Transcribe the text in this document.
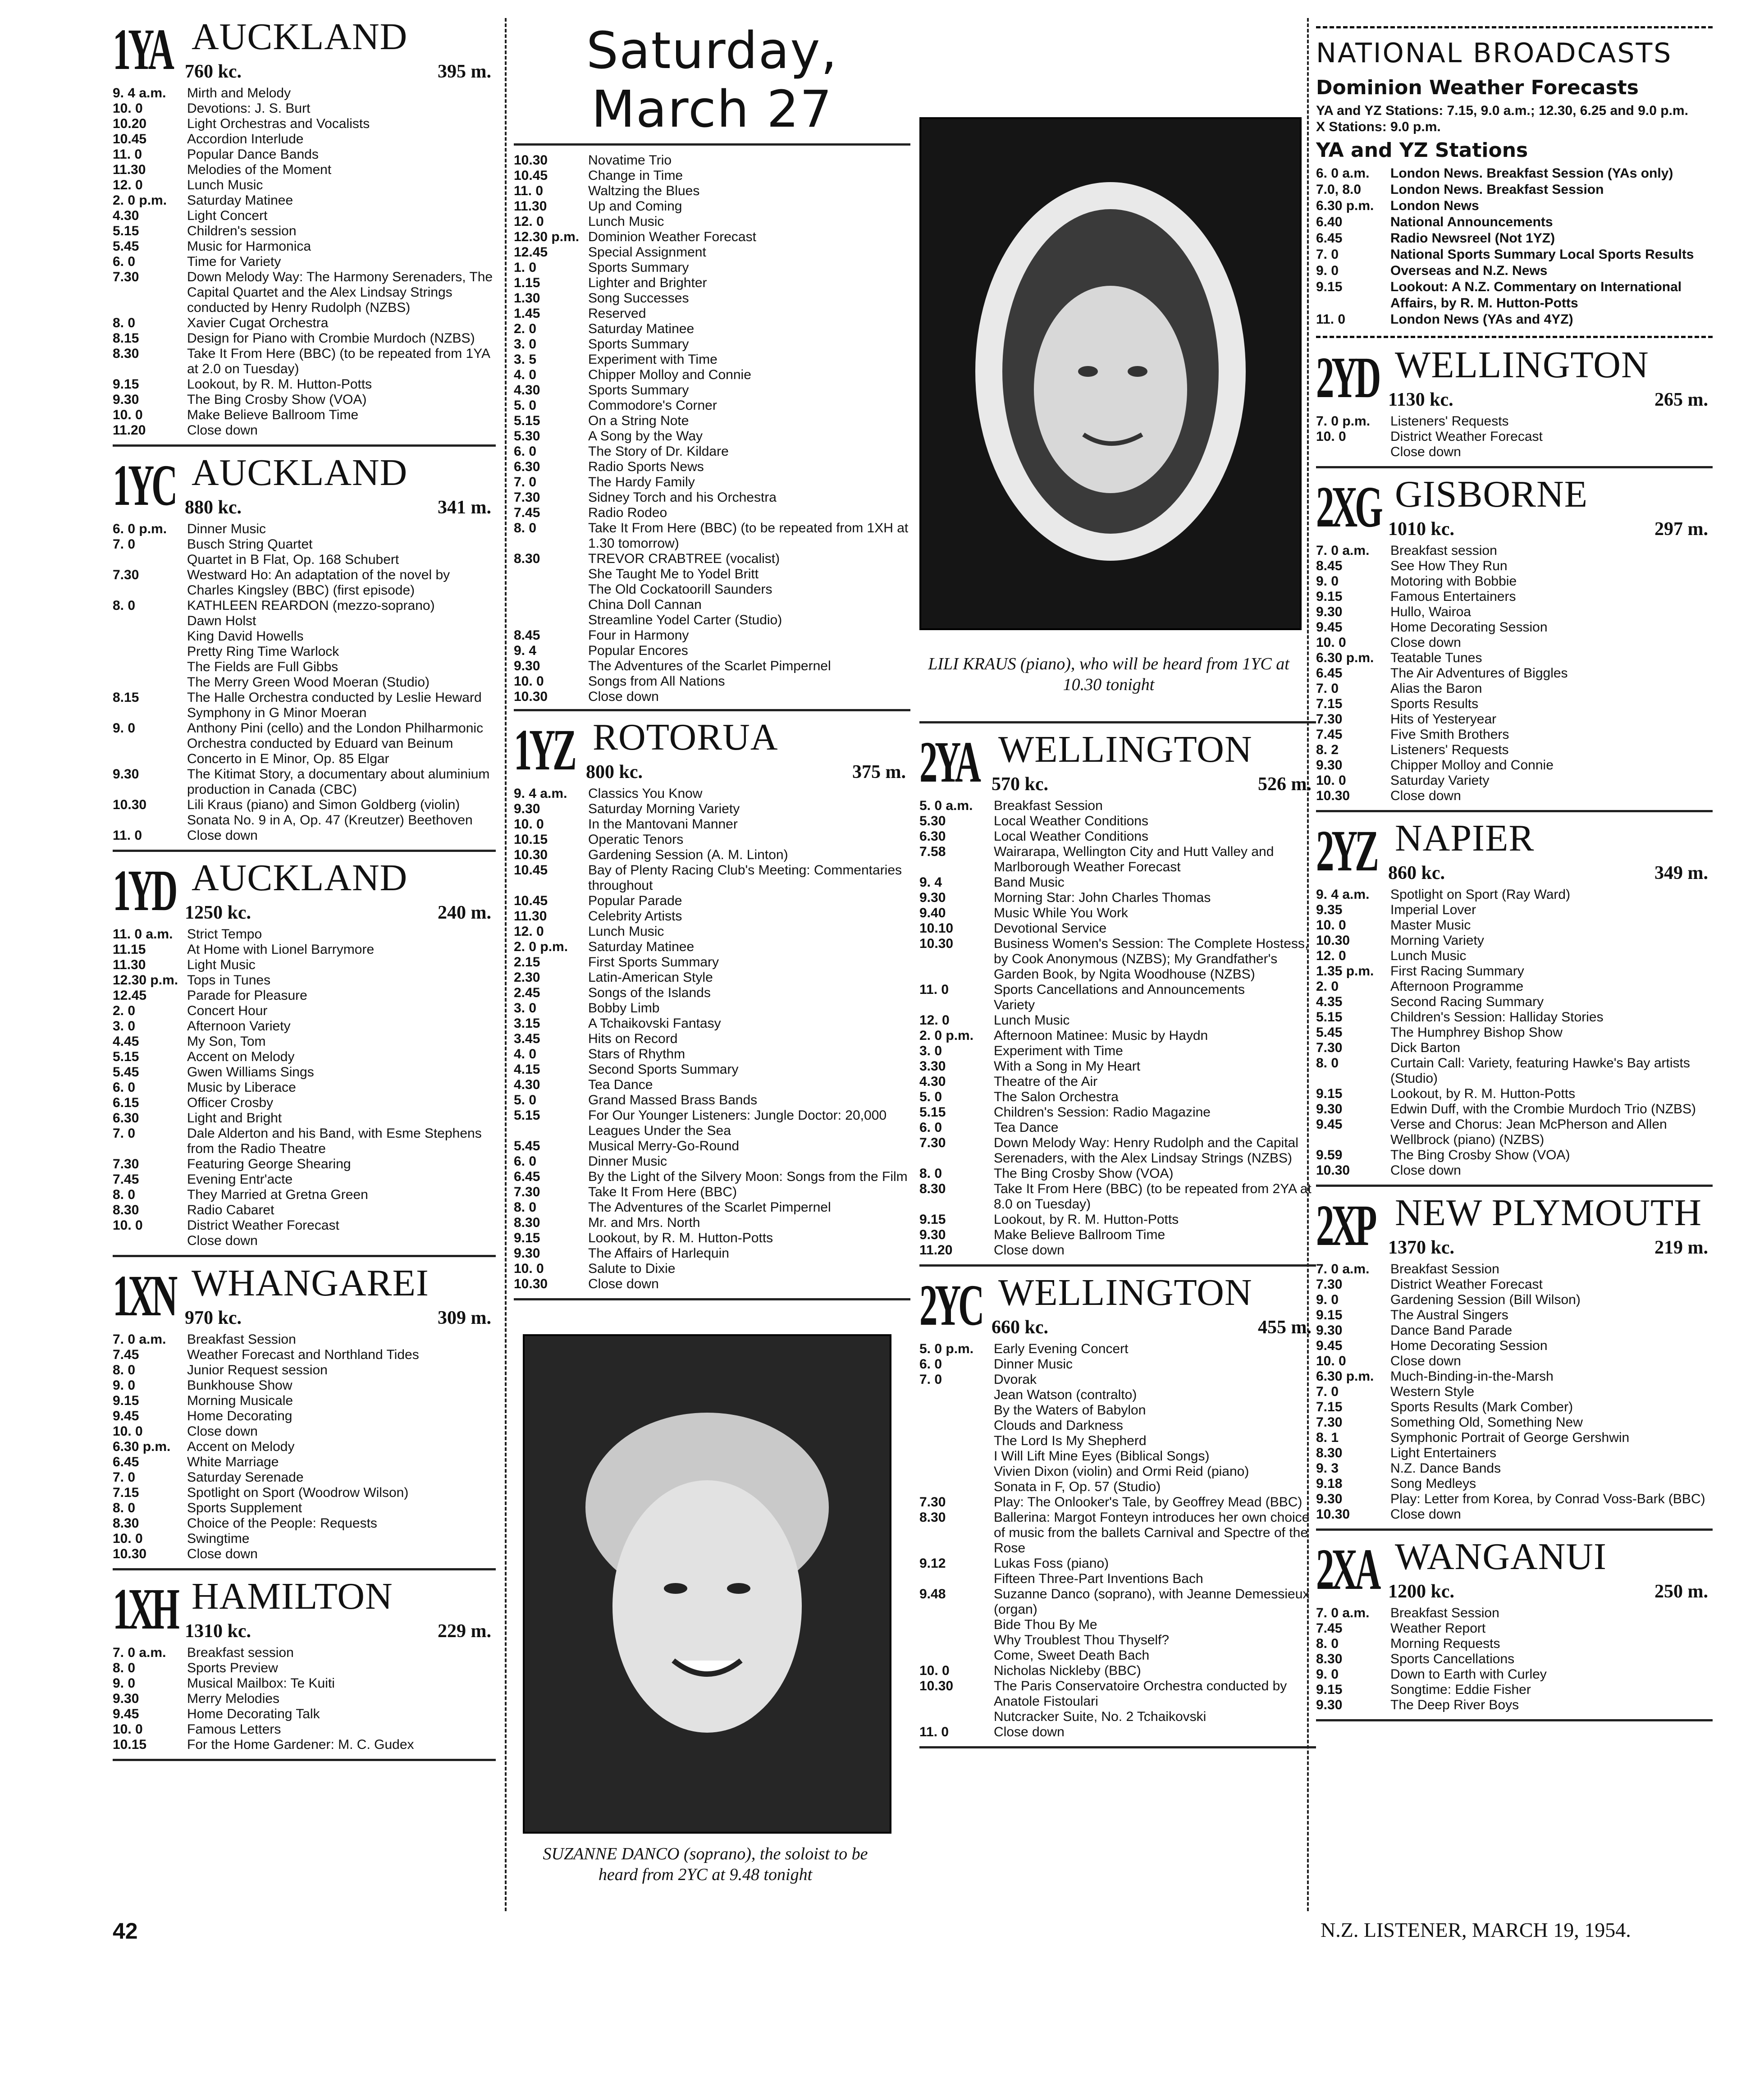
1YA AUCKLAND
760 kc.	395 m.
9. 4 a.m.	Mirth and Melody
10. 0	Devotions: J. S. Burt
10.20	Light Orchestras and Vocalists
10.45	Accordion Interlude
11. 0	Popular Dance Bands
11.30	Melodies of the Moment
12. 0	Lunch Music
2. 0 p.m.	Saturday Matinee
4.30	Light Concert
5.15	Children's session
5.45	Music for Harmonica
6. 0	Time for Variety
7.30	Down Melody Way: The Harmony Serenaders, The Capital Quartet and the Alex Lindsay Strings conducted by Henry Rudolph (NZBS)
8. 0	Xavier Cugat Orchestra
8.15	Design for Piano with Crombie Murdoch (NZBS)
8.30	Take It From Here (BBC) (to be repeated from 1YA at 2.0 on Tuesday)
9.15	Lookout, by R. M. Hutton-Potts
9.30	The Bing Crosby Show (VOA)
10. 0	Make Believe Ballroom Time
11.20	Close down
1YC AUCKLAND
880 kc.	341 m.
6. 0 p.m.	Dinner Music
7. 0	Busch String Quartet
Quartet in B Flat, Op. 168 Schubert
7.30	Westward Ho: An adaptation of the novel by Charles Kingsley (BBC) (first episode)
8. 0	KATHLEEN REARDON (mezzo-soprano)
Dawn Holst
King David Howells
Pretty Ring Time Warlock
The Fields are Full Gibbs
The Merry Green Wood Moeran (Studio)
8.15	The Halle Orchestra conducted by Leslie Heward
Symphony in G Minor Moeran
9. 0	Anthony Pini (cello) and the London Philharmonic Orchestra conducted by Eduard van Beinum
Concerto in E Minor, Op. 85 Elgar
9.30	The Kitimat Story, a documentary about aluminium production in Canada (CBC)
10.30	Lili Kraus (piano) and Simon Goldberg (violin)
Sonata No. 9 in A, Op. 47 (Kreutzer) Beethoven
11. 0	Close down
1YD AUCKLAND
1250 kc.	240 m.
11. 0 a.m.	Strict Tempo
11.15	At Home with Lionel Barrymore
11.30	Light Music
12.30 p.m. Tops in Tunes
12.45	Parade for Pleasure
2. 0	Concert Hour
3. 0	Afternoon Variety
4.45	My Son, Tom
5.15	Accent on Melody
5.45	Gwen Williams Sings
6. 0	Music by Liberace
6.15	Officer Crosby
6.30	Light and Bright
7. 0	Dale Alderton and his Band, with Esme Stephens from the Radio Theatre
7.30	Featuring George Shearing
7.45	Evening Entr'acte
8. 0	They Married at Gretna Green
8.30	Radio Cabaret
10. 0	District Weather Forecast
Close down
1XN WHANGAREI
970 kc.	309 m.
7. 0 a.m.	Breakfast Session
7.45	Weather Forecast and Northland Tides
8. 0	Junior Request session
9. 0	Bunkhouse Show
9.15	Morning Musicale
9.45	Home Decorating
10. 0	Close down
6.30 p.m.	Accent on Melody
6.45	White Marriage
7. 0	Saturday Serenade
7.15	Spotlight on Sport (Woodrow Wilson)
8. 0	Sports Supplement
8.30	Choice of the People: Requests
10. 0	Swingtime
10.30	Close down
1XH HAMILTON
1310 kc.	229 m.
7. 0 a.m.	Breakfast session
8. 0	Sports Preview
9. 0	Musical Mailbox: Te Kuiti
9.30	Merry Melodies
9.45	Home Decorating Talk
10. 0	Famous Letters
10.15	For the Home Gardener: M. C. Gudex
Saturday, March 27
10.30	Novatime Trio
10.45	Change in Time
11. 0	Waltzing the Blues
11.30	Up and Coming
12. 0	Lunch Music
12.30 p.m. Dominion Weather Forecast
12.45	Special Assignment
1. 0	Sports Summary
1.15	Lighter and Brighter
1.30	Song Successes
1.45	Reserved
2. 0	Saturday Matinee
3. 0	Sports Summary
3. 5	Experiment with Time
4. 0	Chipper Molloy and Connie
4.30	Sports Summary
5. 0	Commodore's Corner
5.15	On a String Note
5.30	A Song by the Way
6. 0	The Story of Dr. Kildare
6.30	Radio Sports News
7. 0	The Hardy Family
7.30	Sidney Torch and his Orchestra
7.45	Radio Rodeo
8. 0	Take It From Here (BBC) (to be repeated from 1XH at 1.30 tomorrow)
8.30	TREVOR CRABTREE (vocalist)
She Taught Me to Yodel Britt
The Old Cockatoorill Saunders
China Doll Cannan
Streamline Yodel Carter (Studio)
8.45	Four in Harmony
9. 4	Popular Encores
9.30	The Adventures of the Scarlet Pimpernel
10. 0	Songs from All Nations
10.30	Close down
1YZ ROTORUA
800 kc.	375 m.
9. 4 a.m.	Classics You Know
9.30	Saturday Morning Variety
10. 0	In the Mantovani Manner
10.15	Operatic Tenors
10.30	Gardening Session (A. M. Linton)
10.45	Bay of Plenty Racing Club's Meeting: Commentaries throughout
10.45	Popular Parade
11.30	Celebrity Artists
12. 0	Lunch Music
2. 0 p.m.	Saturday Matinee
2.15	First Sports Summary
2.30	Latin-American Style
2.45	Songs of the Islands
3. 0	Bobby Limb
3.15	A Tchaikovski Fantasy
3.45	Hits on Record
4. 0	Stars of Rhythm
4.15	Second Sports Summary
4.30	Tea Dance
5. 0	Grand Massed Brass Bands
5.15	For Our Younger Listeners: Jungle Doctor: 20,000 Leagues Under the Sea
5.45	Musical Merry-Go-Round
6. 0	Dinner Music
6.45	By the Light of the Silvery Moon: Songs from the Film
7.30	Take It From Here (BBC)
8. 0	The Adventures of the Scarlet Pimpernel
8.30	Mr. and Mrs. North
9.15	Lookout, by R. M. Hutton-Potts
9.30	The Affairs of Harlequin
10. 0	Salute to Dixie
10.30	Close down
2YA WELLINGTON
570 kc.	526 m.
5. 0 a.m.	Breakfast Session
5.30	Local Weather Conditions
6.30	Local Weather Conditions
7.58	Wairarapa, Wellington City and Hutt Valley and Marlborough Weather Forecast
9. 4	Band Music
9.30	Morning Star: John Charles Thomas
9.40	Music While You Work
10.10	Devotional Service
10.30	Business Women's Session: The Complete Hostess, by Cook Anonymous (NZBS); My Grandfather's Garden Book, by Ngita Woodhouse (NZBS)
11. 0	Sports Cancellations and Announcements
Variety
12. 0	Lunch Music
2. 0 p.m.	Afternoon Matinee: Music by Haydn
3. 0	Experiment with Time
3.30	With a Song in My Heart
4.30	Theatre of the Air
5. 0	The Salon Orchestra
5.15	Children's Session: Radio Magazine
6. 0	Tea Dance
7.30	Down Melody Way: Henry Rudolph and the Capital Serenaders, with the Alex Lindsay Strings (NZBS)
8. 0	The Bing Crosby Show (VOA)
8.30	Take It From Here (BBC) (to be repeated from 2YA at 8.0 on Tuesday)
9.15	Lookout, by R. M. Hutton-Potts
9.30	Make Believe Ballroom Time
11.20	Close down
2YC WELLINGTON
660 kc.	455 m.
5. 0 p.m.	Early Evening Concert
6. 0	Dinner Music
7. 0	Dvorak
Jean Watson (contralto)
By the Waters of Babylon
Clouds and Darkness
The Lord Is My Shepherd
I Will Lift Mine Eyes (Biblical Songs)
Vivien Dixon (violin) and Ormi Reid (piano)
Sonata in F, Op. 57 (Studio)
7.30	Play: The Onlooker's Tale, by Geoffrey Mead (BBC)
8.30	Ballerina: Margot Fonteyn introduces her own choice of music from the ballets Carnival and Spectre of the Rose
9.12	Lukas Foss (piano)
Fifteen Three-Part Inventions Bach
9.48	Suzanne Danco (soprano), with Jeanne Demessieux (organ)
Bide Thou By Me
Why Troublest Thou Thyself?
Come, Sweet Death Bach
10. 0	Nicholas Nickleby (BBC)
10.30	The Paris Conservatoire Orchestra conducted by Anatole Fistoulari
Nutcracker Suite, No. 2 Tchaikovski
11. 0	Close down
NATIONAL BROADCASTS
Dominion Weather Forecasts
YA and YZ Stations: 7.15, 9.0 a.m.; 12.30, 6.25 and 9.0 p.m.
X Stations: 9.0 p.m.
YA and YZ Stations
6. 0 a.m.	London News. Breakfast Session (YAs only)
7.0, 8.0	London News. Breakfast Session
6.30 p.m.	London News
6.40	National Announcements
6.45	Radio Newsreel (Not 1YZ)
7. 0	National Sports Summary Local Sports Results
9. 0	Overseas and N.Z. News
9.15	Lookout: A N.Z. Commentary on International Affairs, by R. M. Hutton-Potts
11. 0	London News (YAs and 4YZ)
2YD WELLINGTON
1130 kc.	265 m.
7. 0 p.m.	Listeners' Requests
10. 0	District Weather Forecast
Close down
2XG GISBORNE
1010 kc.	297 m.
7. 0 a.m.	Breakfast session
8.45	See How They Run
9. 0	Motoring with Bobbie
9.15	Famous Entertainers
9.30	Hullo, Wairoa
9.45	Home Decorating Session
10. 0	Close down
6.30 p.m.	Teatable Tunes
6.45	The Air Adventures of Biggles
7. 0	Alias the Baron
7.15	Sports Results
7.30	Hits of Yesteryear
7.45	Five Smith Brothers
8. 2	Listeners' Requests
9.30	Chipper Molloy and Connie
10. 0	Saturday Variety
10.30	Close down
2YZ NAPIER
860 kc.	349 m.
9. 4 a.m.	Spotlight on Sport (Ray Ward)
9.35	Imperial Lover
10. 0	Master Music
10.30	Morning Variety
12. 0	Lunch Music
1.35 p.m.	First Racing Summary
2. 0	Afternoon Programme
4.35	Second Racing Summary
5.15	Children's Session: Halliday Stories
5.45	The Humphrey Bishop Show
7.30	Dick Barton
8. 0	Curtain Call: Variety, featuring Hawke's Bay artists (Studio)
9.15	Lookout, by R. M. Hutton-Potts
9.30	Edwin Duff, with the Crombie Murdoch Trio (NZBS)
9.45	Verse and Chorus: Jean McPherson and Allen Wellbrock (piano) (NZBS)
9.59	The Bing Crosby Show (VOA)
10.30	Close down
2XP NEW PLYMOUTH
1370 kc.	219 m.
7. 0 a.m.	Breakfast Session
7.30	District Weather Forecast
9. 0	Gardening Session (Bill Wilson)
9.15	The Austral Singers
9.30	Dance Band Parade
9.45	Home Decorating Session
10. 0	Close down
6.30 p.m.	Much-Binding-in-the-Marsh
7. 0	Western Style
7.15	Sports Results (Mark Comber)
7.30	Something Old, Something New
8. 1	Symphonic Portrait of George Gershwin
8.30	Light Entertainers
9. 3	N.Z. Dance Bands
9.18	Song Medleys
9.30	Play: Letter from Korea, by Conrad Voss-Bark (BBC)
10.30	Close down
2XA WANGANUI
1200 kc.	250 m.
7. 0 a.m.	Breakfast Session
7.45	Weather Report
8. 0	Morning Requests
8.30	Sports Cancellations
9. 0	Down to Earth with Curley
9.15	Songtime: Eddie Fisher
9.30	The Deep River Boys
LILI KRAUS (piano), who will be heard from 1YC at 10.30 tonight
SUZANNE DANCO (soprano), the soloist to be heard from 2YC at 9.48 tonight
42	N.Z. LISTENER, MARCH 19, 1954.
